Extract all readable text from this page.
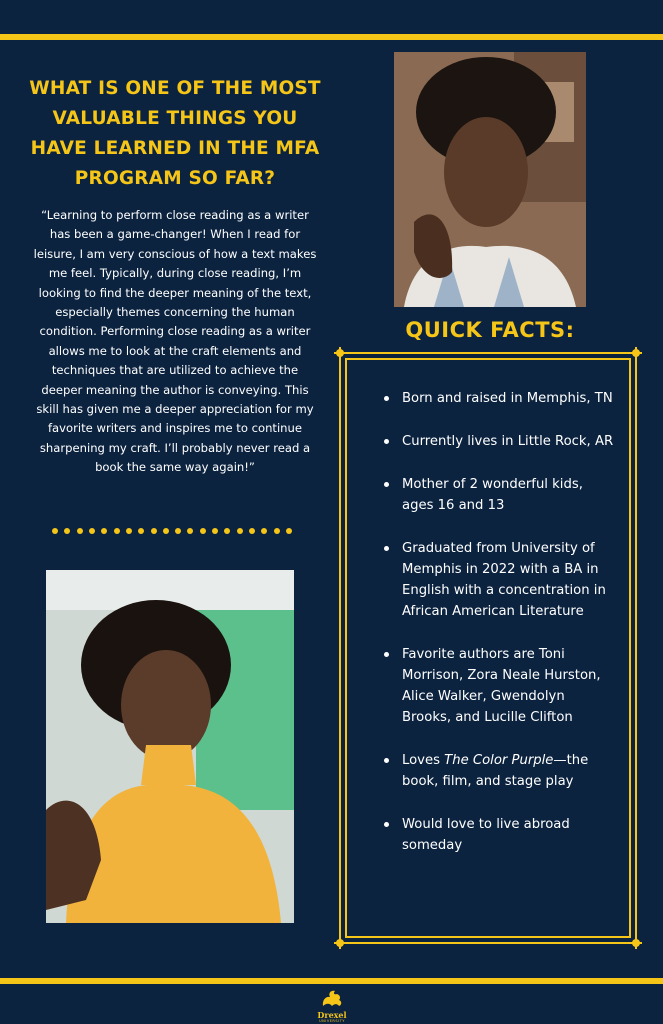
WHAT IS ONE OF THE MOST VALUABLE THINGS YOU HAVE LEARNED IN THE MFA PROGRAM SO FAR?

“Learning to perform close reading as a writer has been a game-changer! When I read for leisure, I am very conscious of how a text makes me feel. Typically, during close reading, I’m looking to find the deeper meaning of the text, especially themes concerning the human condition. Performing close reading as a writer allows me to look at the craft elements and techniques that are utilized to achieve the deeper meaning the author is conveying. This skill has given me a deeper appreciation for my favorite writers and inspires me to continue sharpening my craft. I’ll probably never read a book the same way again!”

QUICK FACTS:
Born and raised in Memphis, TN
Currently lives in Little Rock, AR
Mother of 2 wonderful kids, ages 16 and 13
Graduated from University of Memphis in 2022 with a BA in English with a concentration in African American Literature
Favorite authors are Toni Morrison, Zora Neale Hurston, Alice Walker, Gwendolyn Brooks, and Lucille Clifton
Loves The Color Purple—the book, film, and stage play
Would love to live abroad someday
Drexel
UNIVERSITY
